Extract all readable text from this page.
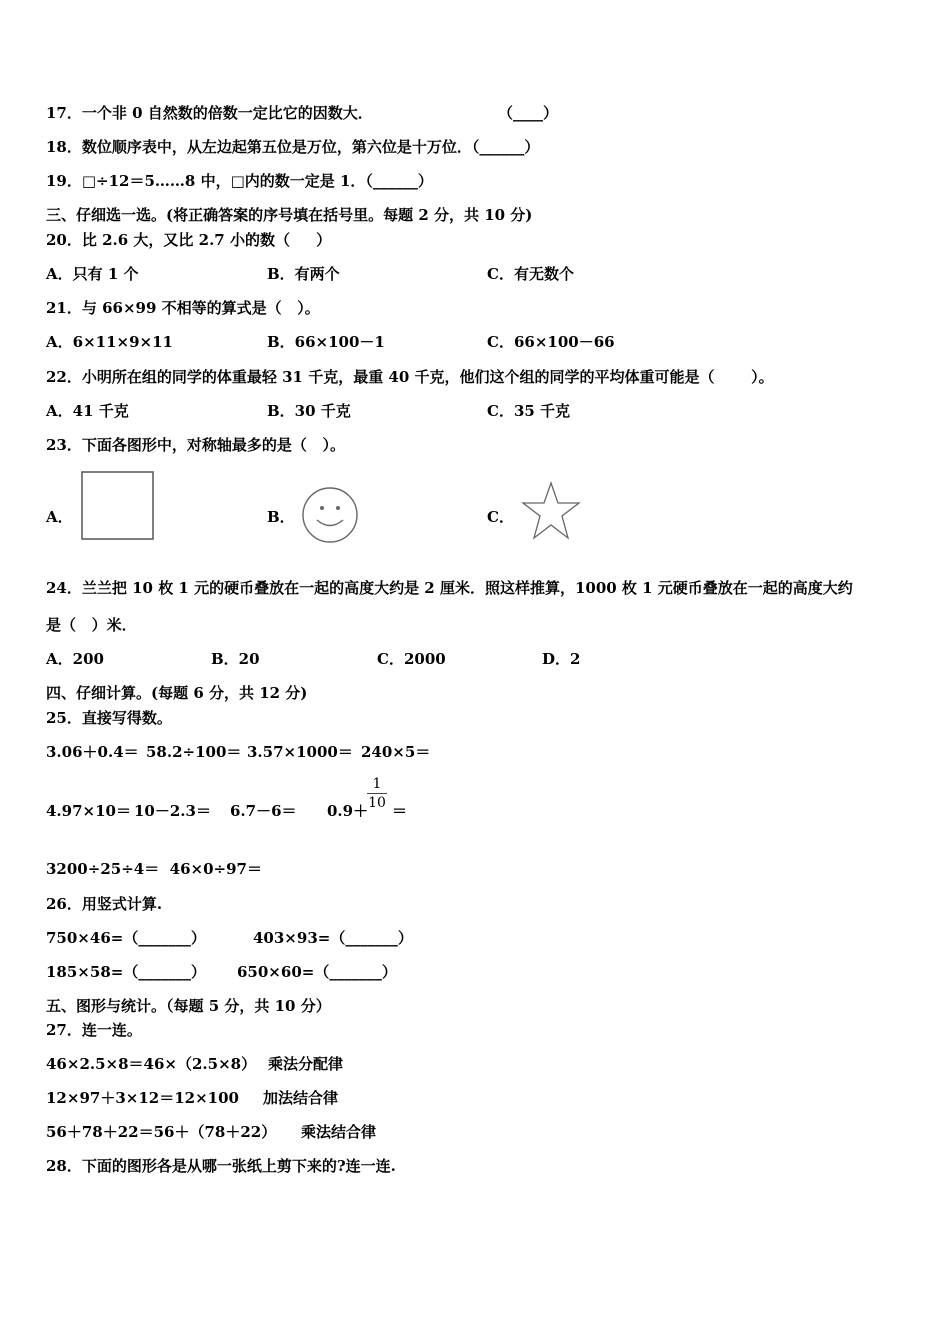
17．一个非 0 自然数的倍数一定比它的因数大．	（____）
18．数位顺序表中，从左边起第五位是万位，第六位是十万位．（______）
19．□÷12＝5……8 中，□内的数一定是 1．（______）
三、仔细选一选。(将正确答案的序号填在括号里。每题 2 分，共 10 分)
20．比 2.6 大，又比 2.7 小的数（     ）
A．只有 1 个	B．有两个	C．有无数个
21．与 66×99 不相等的算式是（   ）。
A．6×11×9×11	B．66×100－1	C．66×100－66
22．小明所在组的同学的体重最轻 31 千克，最重 40 千克，他们这个组的同学的平均体重可能是（       ）。
A．41 千克	B．30 千克	C．35 千克
23．下面各图形中，对称轴最多的是（   ）。
A．	B．	C．
24．兰兰把 10 枚 1 元的硬币叠放在一起的高度大约是 2 厘米．照这样推算，1000 枚 1 元硬币叠放在一起的高度大约
是（   ）米．
A．200	B．20	C．2000	D．2
四、仔细计算。(每题 6 分，共 12 分)
25．直接写得数。
3.06＋0.4＝ 58.2÷100＝ 3.57×1000＝ 240×5＝
4.97×10＝ 10－2.3＝ 6.7－6＝ 0.9＋
1
10 ＝
3200÷25÷4＝  46×0÷97＝
26．用竖式计算.
750×46=（_______）	403×93=（_______）
185×58=（_______） 650×60=（_______）
五、图形与统计。（每题 5 分，共 10 分）
27．连一连。
46×2.5×8＝46×（2.5×8） 乘法分配律
12×97＋3×12＝12×100 加法结合律
56＋78＋22＝56＋（78＋22） 乘法结合律
28．下面的图形各是从哪一张纸上剪下来的?连一连.
